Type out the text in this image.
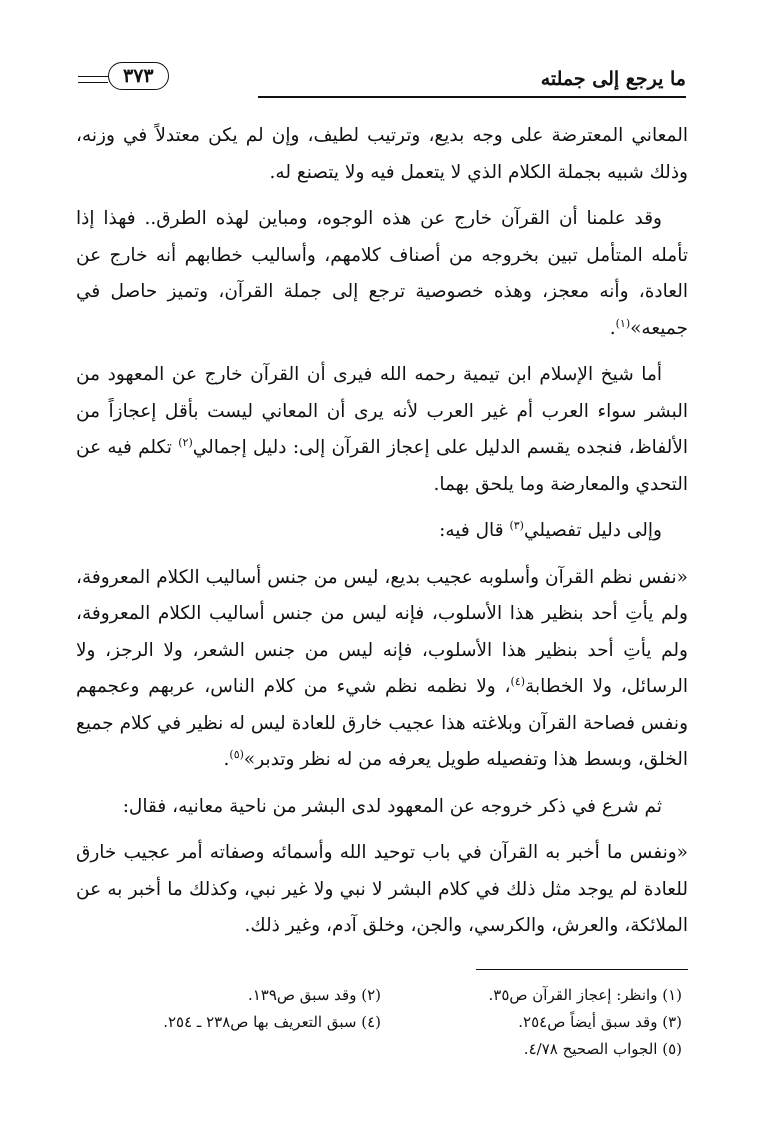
ما يرجع إلى جملته
٣٧٣

المعاني المعترضة على وجه بديع، وترتيب لطيف، وإن لم يكن معتدلاً في وزنه، وذلك شبيه بجملة الكلام الذي لا يتعمل فيه ولا يتصنع له.

وقد علمنا أن القرآن خارج عن هذه الوجوه، ومباين لهذه الطرق.. فهذا إذا تأمله المتأمل تبين بخروجه من أصناف كلامهم، وأساليب خطابهم أنه خارج عن العادة، وأنه معجز، وهذه خصوصية ترجع إلى جملة القرآن، وتميز حاصل في جميعه»$^{(١)}$.

أما شيخ الإسلام ابن تيمية رحمه الله فيرى أن القرآن خارج عن المعهود من البشر سواء العرب أم غير العرب لأنه يرى أن المعاني ليست بأقل إعجازاً من الألفاظ، فنجده يقسم الدليل على إعجاز القرآن إلى: دليل إجمالي$^{(٢)}$ تكلم فيه عن التحدي والمعارضة وما يلحق بهما.

وإلى دليل تفصيلي$^{(٣)}$ قال فيه:

«نفس نظم القرآن وأسلوبه عجيب بديع، ليس من جنس أساليب الكلام المعروفة، ولم يأتِ أحد بنظير هذا الأسلوب، فإنه ليس من جنس أساليب الكلام المعروفة، ولم يأتِ أحد بنظير هذا الأسلوب، فإنه ليس من جنس الشعر، ولا الرجز، ولا الرسائل، ولا الخطابة$^{(٤)}$، ولا نظمه نظم شيء من كلام الناس، عربهم وعجمهم ونفس فصاحة القرآن وبلاغته هذا عجيب خارق للعادة ليس له نظير في كلام جميع الخلق، وبسط هذا وتفصيله طويل يعرفه من له نظر وتدبر»$^{(٥)}$.

ثم شرع في ذكر خروجه عن المعهود لدى البشر من ناحية معانيه، فقال:

«ونفس ما أخبر به القرآن في باب توحيد الله وأسمائه وصفاته أمر عجيب خارق للعادة لم يوجد مثل ذلك في كلام البشر لا نبي ولا غير نبي، وكذلك ما أخبر به عن الملائكة، والعرش، والكرسي، والجن، وخلق آدم، وغير ذلك.

(١) وانظر: إعجاز القرآن ص٣٥.
(٢) وقد سبق ص١٣٩.
(٣) وقد سبق أيضاً ص٢٥٤.
(٤) سبق التعريف بها ص٢٣٨ ـ ٢٥٤.
(٥) الجواب الصحيح ٤/٧٨.
